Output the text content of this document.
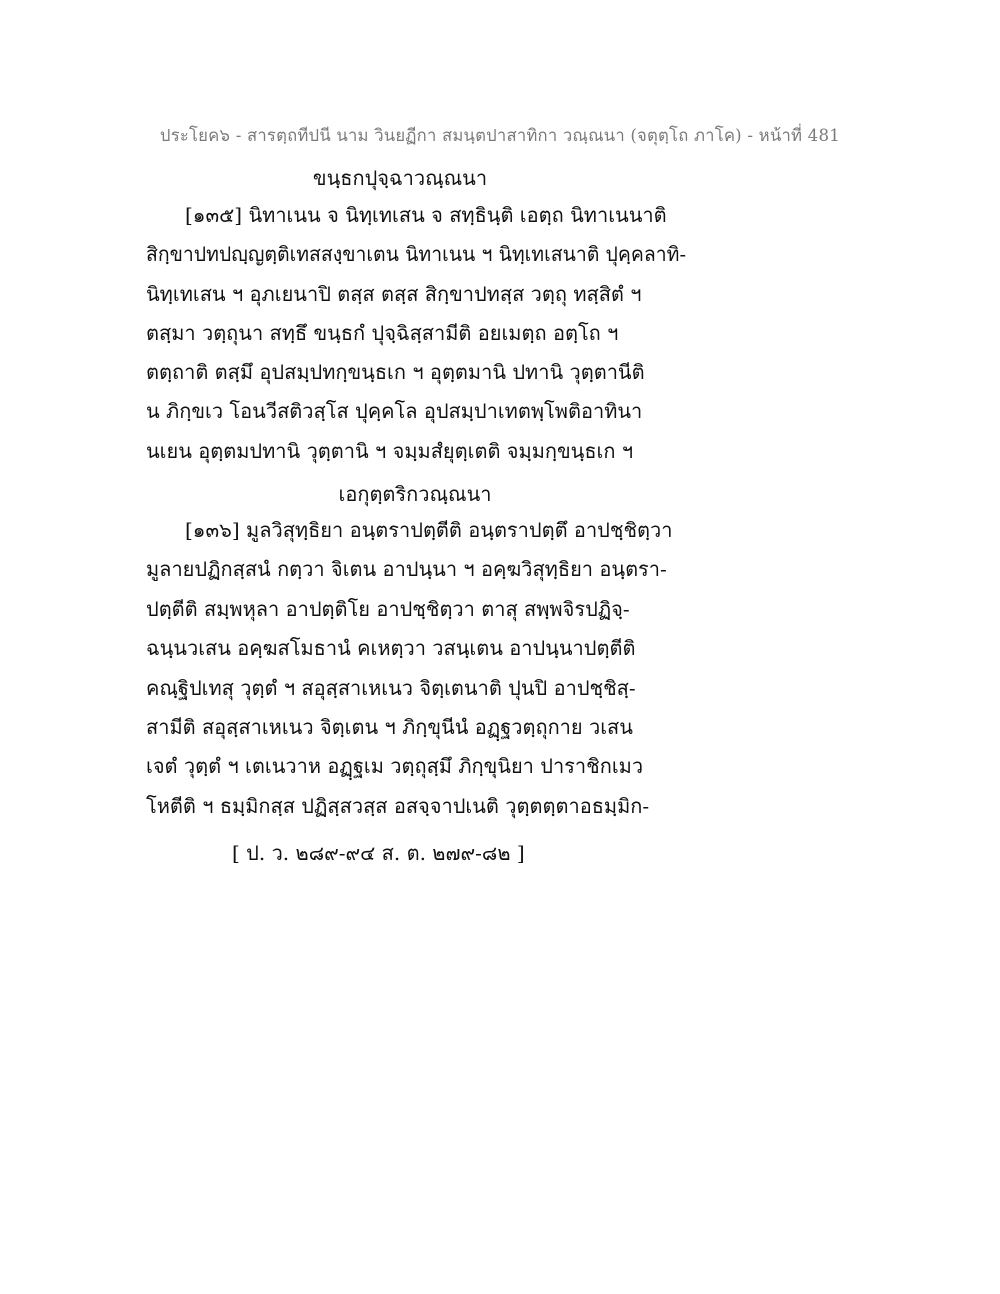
ประโยค๖ - สารตฺถทีปนี นาม วินยฏีกา สมนฺตปาสาทิกา วณฺณนา (จตุตฺโถ ภาโค) - หน้าที่ 481
ขนฺธกปุจฺฉาวณฺณนา
[๑๓๕] นิทาเนน จ นิทฺเทเสน จ สทฺธินฺติ เอตฺถ นิทาเนนาติ
สิกฺขาปทปญฺญตฺติเทสสงฺขาเตน นิทาเนน ฯ นิทฺเทเสนาติ ปุคฺคลาทิ-
นิทฺเทเสน ฯ อุภเยนาปิ ตสฺส ตสฺส สิกฺขาปทสฺส วตฺถุ ทสฺสิตํ ฯ
ตสฺมา วตฺถุนา สทฺธึ ขนฺธกํ ปุจฺฉิสฺสามีติ อยเมตฺถ อตฺโถ ฯ
ตตฺถาติ ตสฺมึ อุปสมฺปทกฺขนฺธเก ฯ อุตฺตมานิ ปทานิ วุตฺตานีติ
น ภิกฺขเว โอนวีสติวสฺโส ปุคฺคโล อุปสมฺปาเทตพฺโพติอาทินา
นเยน อุตฺตมปทานิ วุตฺตานิ ฯ จมฺมสํยุตฺเตติ จมฺมกฺขนฺธเก ฯ
เอกุตฺตริกวณฺณนา
[๑๓๖] มูลวิสุทฺธิยา อนฺตราปตฺตีติ อนฺตราปตฺตึ อาปชฺชิตฺวา
มูลายปฏิกสฺสนํ กตฺวา จิเตน อาปนฺนา ฯ อคฺฆวิสุทฺธิยา อนฺตรา-
ปตฺตีติ สมฺพหุลา อาปตฺติโย อาปชฺชิตฺวา ตาสุ สพฺพจิรปฏิจฺ-
ฉนฺนวเสน อคฺฆสโมธานํ คเหตฺวา วสนฺเตน อาปนฺนาปตฺตีติ
คณฺฐิปเทสุ วุตฺตํ ฯ สอุสฺสาเหเนว จิตฺเตนาติ ปุนปิ อาปชฺชิสฺ-
สามีติ สอุสฺสาเหเนว จิตฺเตน ฯ ภิกฺขุนีนํ อฏฺฐวตฺถุกาย วเสน
เจตํ วุตฺตํ ฯ เตเนวาห อฏฺฐเม วตฺถุสฺมึ ภิกฺขุนิยา ปาราชิกเมว
โหตีติ ฯ ธมฺมิกสฺส ปฏิสฺสวสฺส อสจฺจาปเนติ วุตฺตตฺตาอธมฺมิก-
[ ป. ว. ๒๘๙-๙๔ ส. ต. ๒๗๙-๘๒ ]
